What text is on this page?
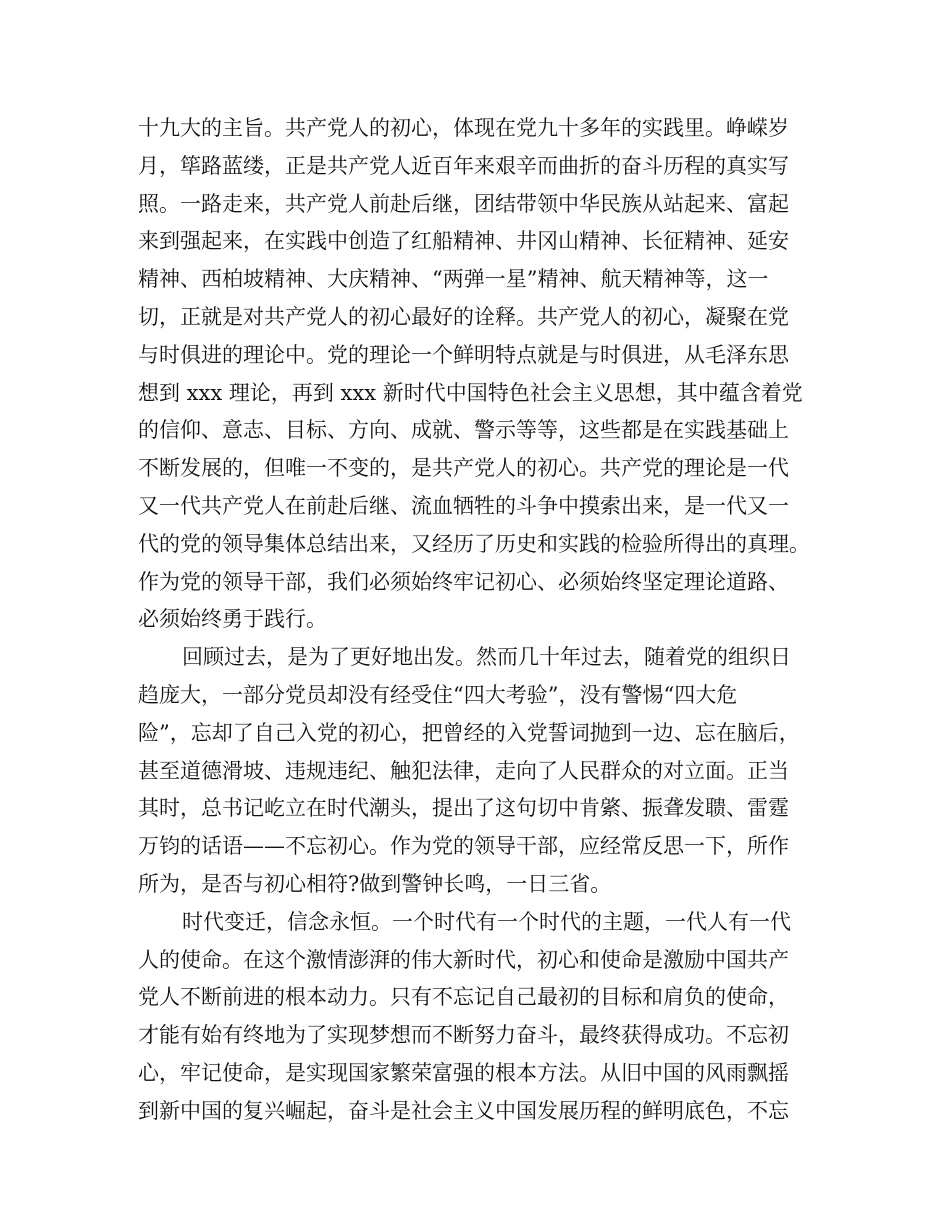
十九大的主旨。共产党人的初心，体现在党九十多年的实践里。峥嵘岁
月，筚路蓝缕，正是共产党人近百年来艰辛而曲折的奋斗历程的真实写
照。一路走来，共产党人前赴后继，团结带领中华民族从站起来、富起
来到强起来，在实践中创造了红船精神、井冈山精神、长征精神、延安
精神、西柏坡精神、大庆精神、“两弹一星”精神、航天精神等，这一
切，正就是对共产党人的初心最好的诠释。共产党人的初心，凝聚在党
与时俱进的理论中。党的理论一个鲜明特点就是与时俱进，从毛泽东思
想到 xxx 理论，再到 xxx 新时代中国特色社会主义思想，其中蕴含着党
的信仰、意志、目标、方向、成就、警示等等，这些都是在实践基础上
不断发展的，但唯一不变的，是共产党人的初心。共产党的理论是一代
又一代共产党人在前赴后继、流血牺牲的斗争中摸索出来，是一代又一
代的党的领导集体总结出来，又经历了历史和实践的检验所得出的真理。
作为党的领导干部，我们必须始终牢记初心、必须始终坚定理论道路、
必须始终勇于践行。
回顾过去，是为了更好地出发。然而几十年过去，随着党的组织日
趋庞大，一部分党员却没有经受住“四大考验”，没有警惕“四大危
险”，忘却了自己入党的初心，把曾经的入党誓词抛到一边、忘在脑后，
甚至道德滑坡、违规违纪、触犯法律，走向了人民群众的对立面。正当
其时，总书记屹立在时代潮头，提出了这句切中肯綮、振聋发聩、雷霆
万钧的话语——不忘初心。作为党的领导干部，应经常反思一下，所作
所为，是否与初心相符?做到警钟长鸣，一日三省。
时代变迁，信念永恒。一个时代有一个时代的主题，一代人有一代
人的使命。在这个激情澎湃的伟大新时代，初心和使命是激励中国共产
党人不断前进的根本动力。只有不忘记自己最初的目标和肩负的使命，
才能有始有终地为了实现梦想而不断努力奋斗，最终获得成功。不忘初
心，牢记使命，是实现国家繁荣富强的根本方法。从旧中国的风雨飘摇
到新中国的复兴崛起，奋斗是社会主义中国发展历程的鲜明底色，不忘
